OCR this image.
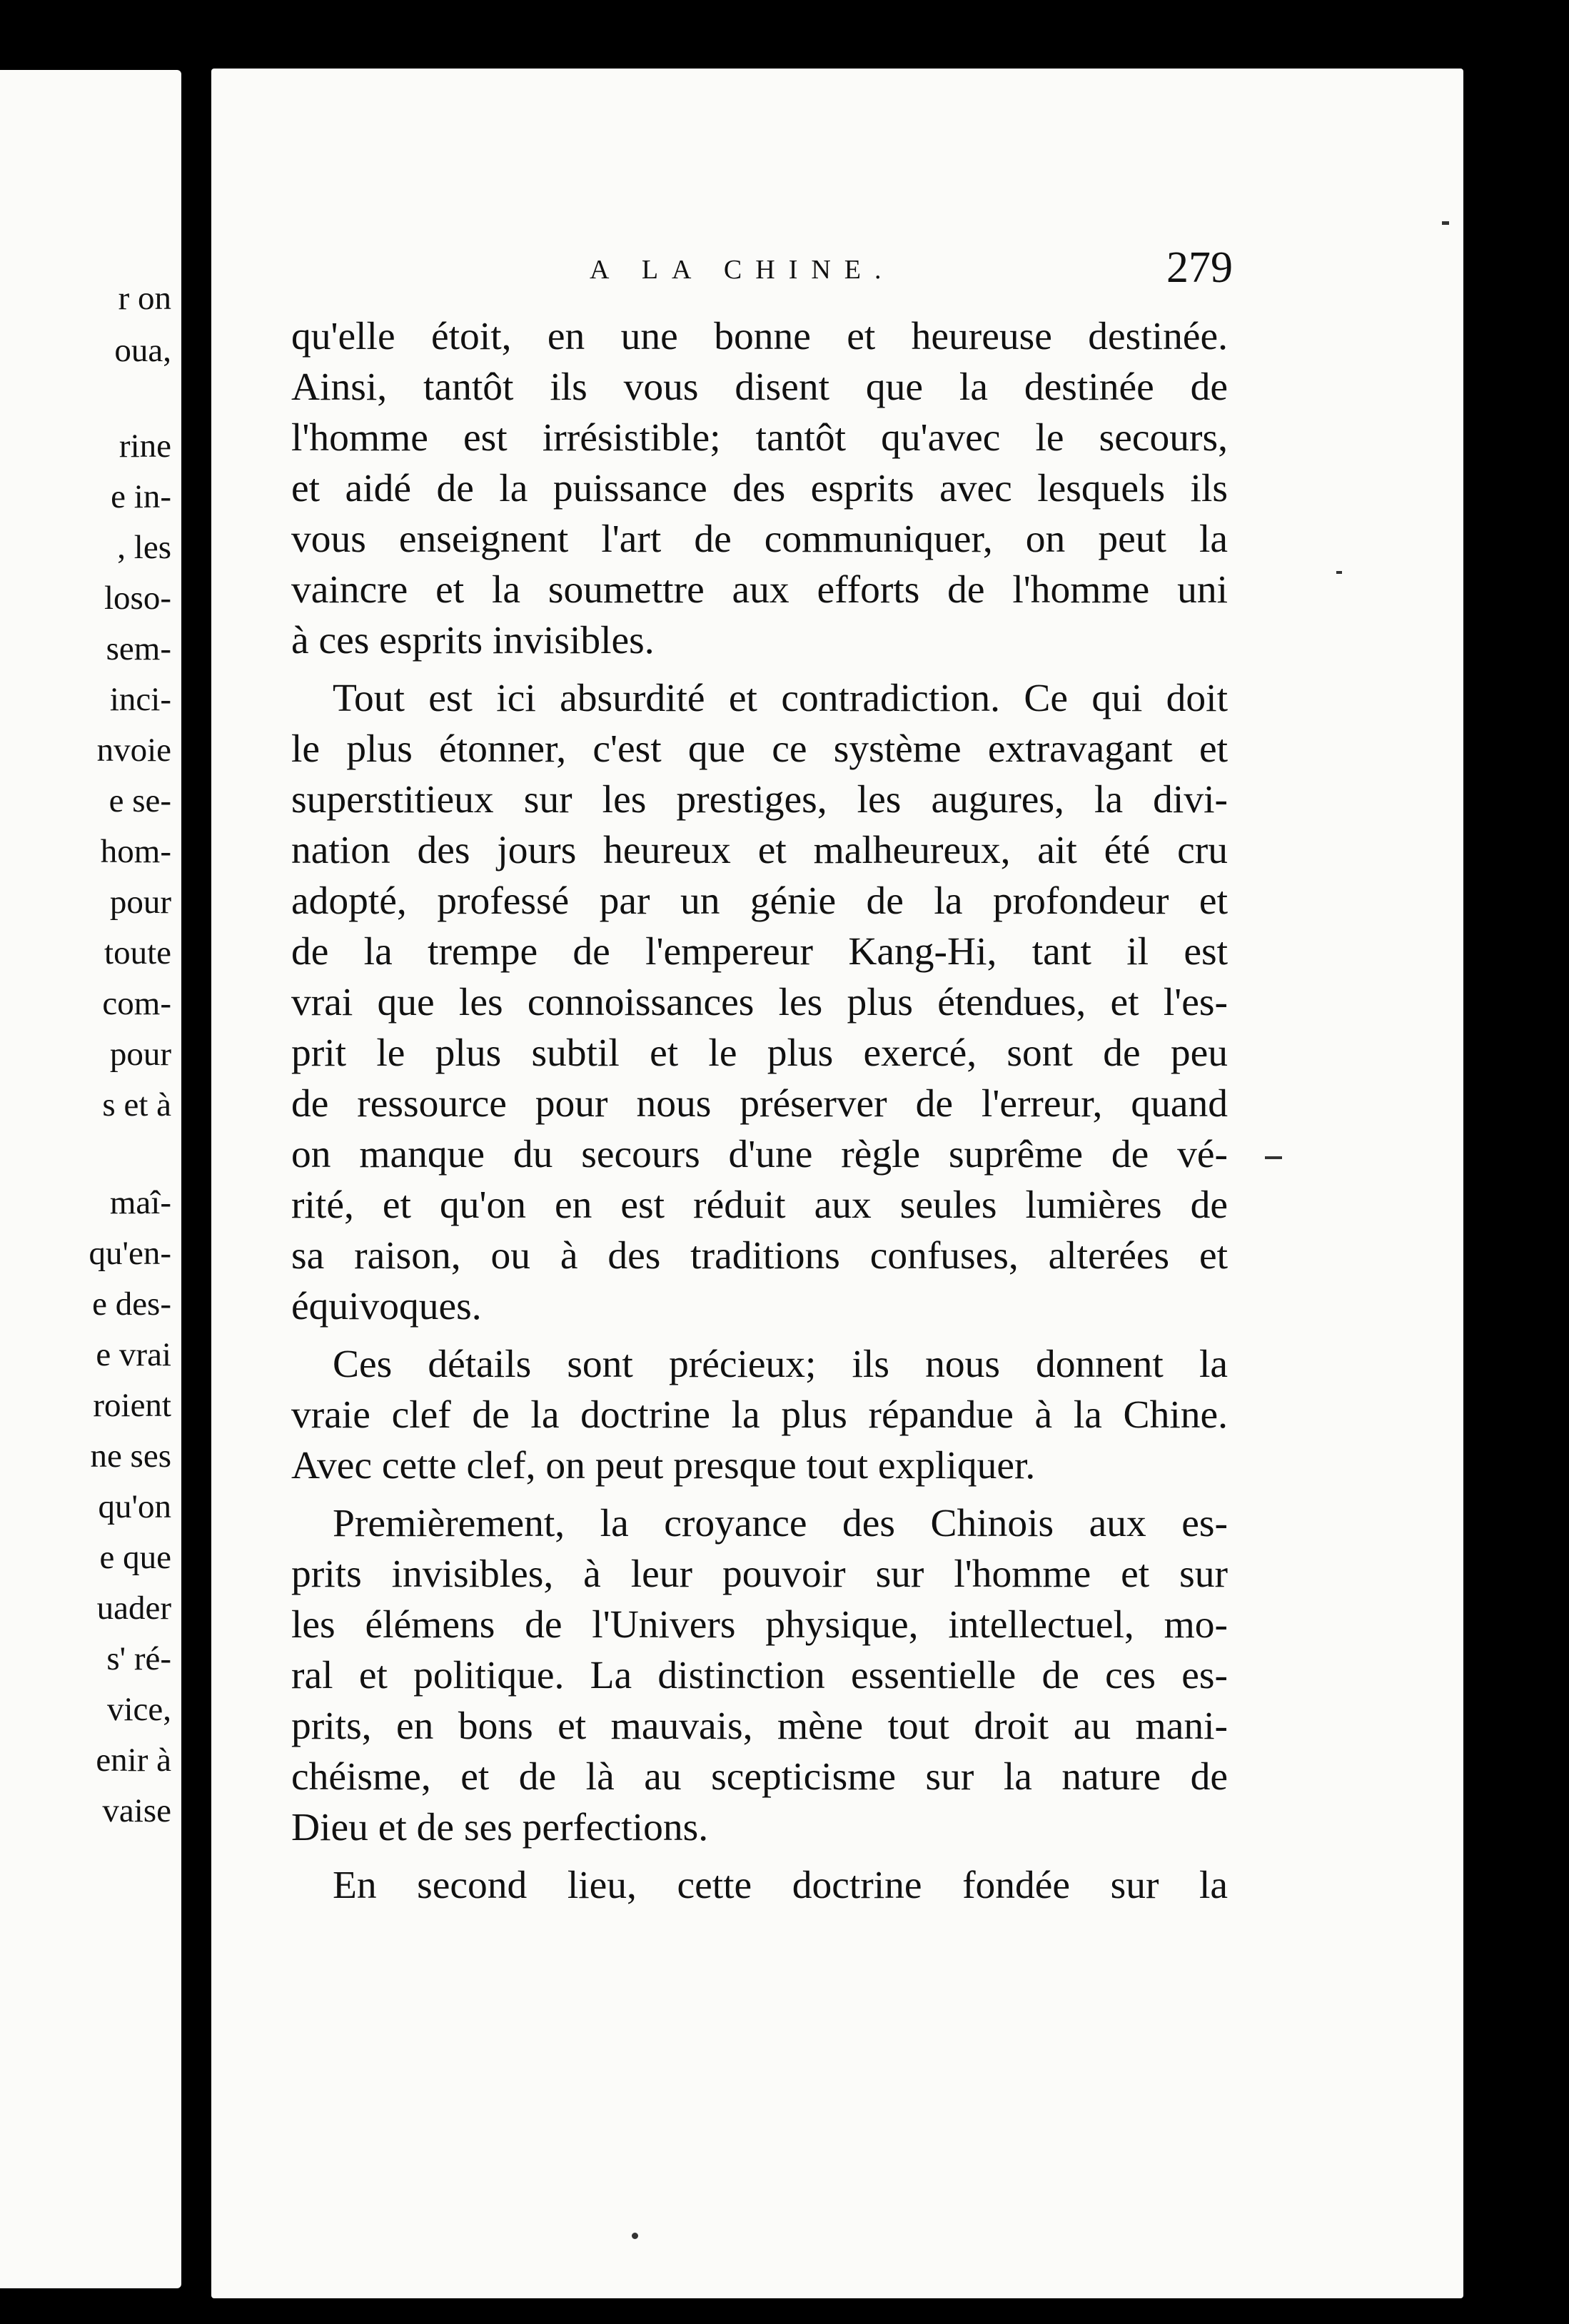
r on
oua,
rine
e in-
, les
loso-
sem-
inci-
nvoie
e se-
hom-
pour
toute
com-
pour
s et à
maî-
qu'en-
e des-
e vrai
roient
ne ses
qu'on
e que
uader
s' ré-
vice,
enir à
vaise
A LA CHINE.	279
qu'elle étoit, en une bonne et heureuse destinée.
Ainsi, tantôt ils vous disent que la destinée de
l'homme est irrésistible; tantôt qu'avec le secours,
et aidé de la puissance des esprits avec lesquels ils
vous enseignent l'art de communiquer, on peut la
vaincre et la soumettre aux efforts de l'homme uni
à ces esprits invisibles.
Tout est ici absurdité et contradiction. Ce qui doit
le plus étonner, c'est que ce système extravagant et
superstitieux sur les prestiges, les augures, la divi-
nation des jours heureux et malheureux, ait été cru
adopté, professé par un génie de la profondeur et
de la trempe de l'empereur Kang-Hi, tant il est
vrai que les connoissances les plus étendues, et l'es-
prit le plus subtil et le plus exercé, sont de peu
de ressource pour nous préserver de l'erreur, quand
on manque du secours d'une règle suprême de vé-
rité, et qu'on en est réduit aux seules lumières de
sa raison, ou à des traditions confuses, alterées et
équivoques.
Ces détails sont précieux; ils nous donnent la
vraie clef de la doctrine la plus répandue à la Chine.
Avec cette clef, on peut presque tout expliquer.
Premièrement, la croyance des Chinois aux es-
prits invisibles, à leur pouvoir sur l'homme et sur
les élémens de l'Univers physique, intellectuel, mo-
ral et politique. La distinction essentielle de ces es-
prits, en bons et mauvais, mène tout droit au mani-
chéisme, et de là au scepticisme sur la nature de
Dieu et de ses perfections.
En second lieu, cette doctrine fondée sur la
